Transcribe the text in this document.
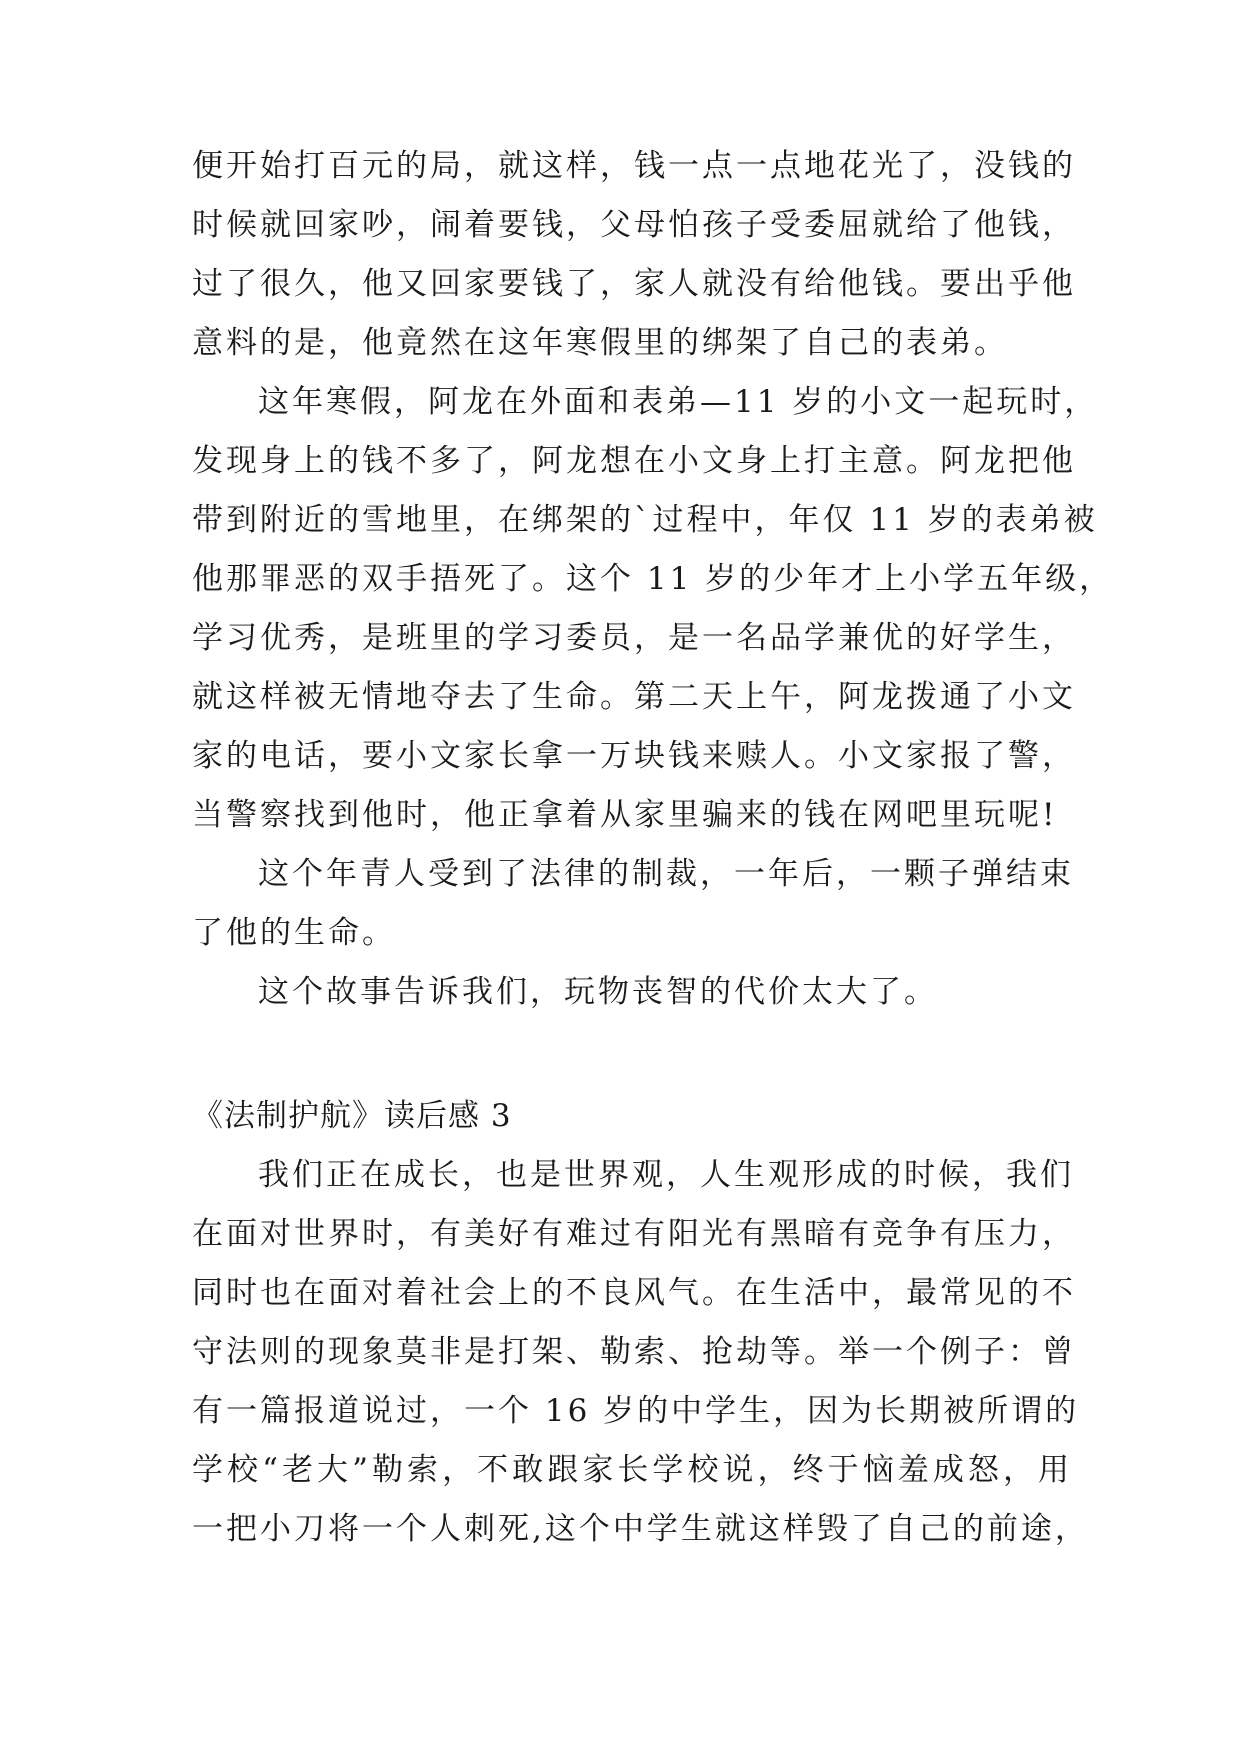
便开始打百元的局，就这样，钱一点一点地花光了，没钱的
时候就回家吵，闹着要钱，父母怕孩子受委屈就给了他钱，
过了很久，他又回家要钱了，家人就没有给他钱。要出乎他
意料的是，他竟然在这年寒假里的绑架了自己的表弟。
这年寒假，阿龙在外面和表弟—11 岁的小文一起玩时，
发现身上的钱不多了，阿龙想在小文身上打主意。阿龙把他
带到附近的雪地里，在绑架的`过程中，年仅 11 岁的表弟被
他那罪恶的双手捂死了。这个 11 岁的少年才上小学五年级，
学习优秀，是班里的学习委员，是一名品学兼优的好学生，
就这样被无情地夺去了生命。第二天上午，阿龙拨通了小文
家的电话，要小文家长拿一万块钱来赎人。小文家报了警，
当警察找到他时，他正拿着从家里骗来的钱在网吧里玩呢!
这个年青人受到了法律的制裁，一年后，一颗子弹结束
了他的生命。
这个故事告诉我们，玩物丧智的代价太大了。
《法制护航》读后感 3
我们正在成长，也是世界观，人生观形成的时候，我们
在面对世界时，有美好有难过有阳光有黑暗有竞争有压力，
同时也在面对着社会上的不良风气。在生活中，最常见的不
守法则的现象莫非是打架、勒索、抢劫等。举一个例子：曾
有一篇报道说过，一个 16 岁的中学生，因为长期被所谓的
学校“老大”勒索，不敢跟家长学校说，终于恼羞成怒，用
一把小刀将一个人刺死,这个中学生就这样毁了自己的前途，
